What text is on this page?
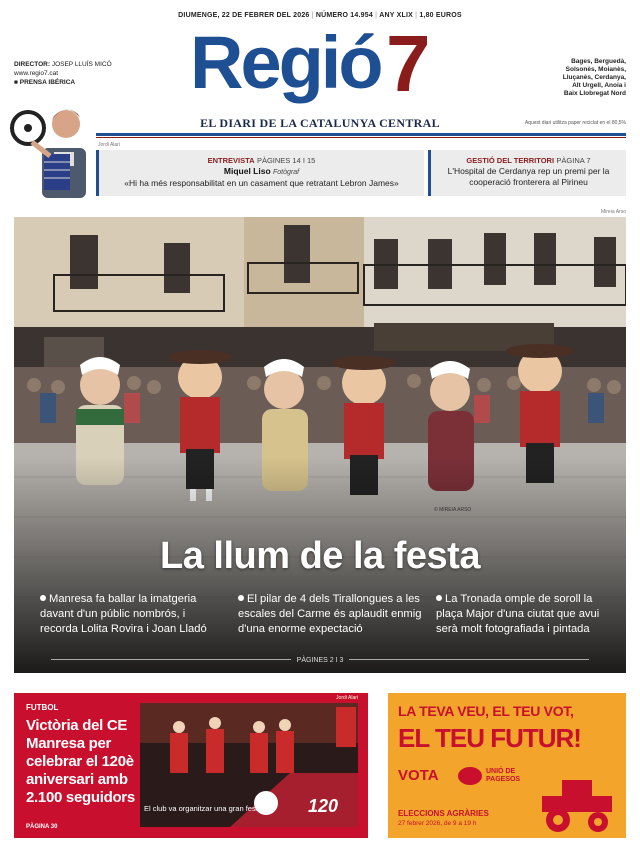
DIUMENGE, 22 DE FEBRER DEL 2026 | NÚMERO 14.954 | ANY XLIX | 1,80 EUROS
Regió 7
EL DIARI DE LA CATALUNYA CENTRAL
DIRECTOR: JOSEP LLUÍS MICÓ
www.regio7.cat
■ PRENSA IBÉRICA
Bages, Berguedà,
Solsonès, Moianès,
Lluçanès, Cerdanya,
Alt Urgell, Anoia i
Baix Llobregat Nord
Aquest diari utilitza paper reciclat en el 80,5%
ENTREVISTA PÀGINES 14 I 15
Miquel Liso Fotògraf
«Hi ha més responsabilitat en un casament que retratant Lebron James»
Jordi Alari
GESTIÓ DEL TERRITORI PÀGINA 7
L'Hospital de Cerdanya rep un premi per la cooperació fronterera al Pirineu
© MIREIA ARSO
La llum de la festa
Manresa fa ballar la imatgeria davant d'un públic nombrós, i recorda Lolita Rovira i Joan Lladó
El pilar de 4 dels Tirallongues a les escales del Carme és aplaudit enmig d'una enorme expectació
La Tronada omple de soroll la plaça Major d'una ciutat que avui serà molt fotografiada i pintada
PÀGINES 2 I 3
Mireia Arso
FUTBOL
Victòria del CE Manresa per celebrar el 120è aniversari amb 2.100 seguidors
PÀGINA 30
Jordi Alari
El club va organitzar una gran festa	120
LA TEVA VEU, EL TEU VOT,
EL TEU FUTUR!
VOTA	UNIÓ DE PAGESOS
ELECCIONS AGRÀRIES
27 febrer 2026, de 9 a 19 h
